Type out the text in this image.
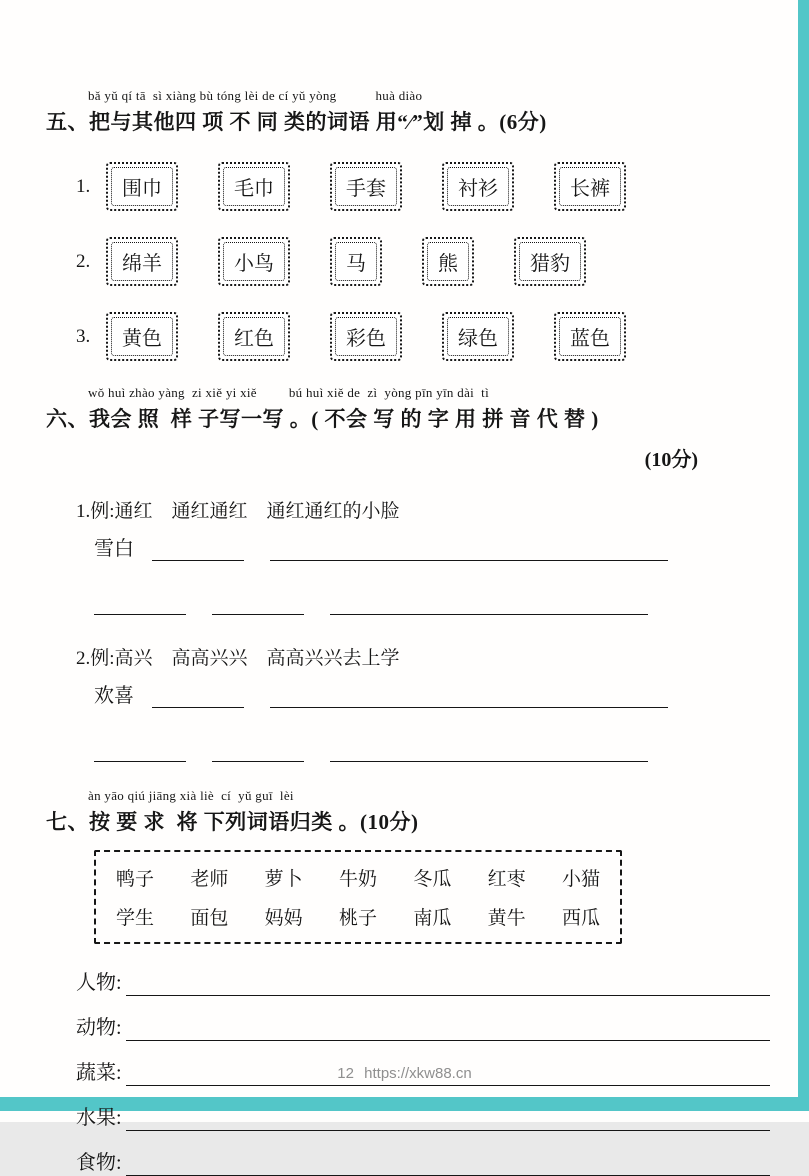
bǎ yǔ qí tā  sì xiàng bù tóng lèi de cí yǔ yòng           huà diào
五、把与其他四 项 不 同 类的词语 用“∕”划 掉 。(6分)
1.	围巾	毛巾	手套	衬衫	长裤
2.	绵羊	小鸟	马	熊	猎豹
3.	黄色	红色	彩色	绿色	蓝色
wǒ huì zhào yàng  zi xiě yi xiě         bú huì xiě de  zì  yòng pīn yīn dài  tì
六、我会 照  样 子写一写 。( 不会 写 的 字 用 拼 音 代 替 )
(10分)
1.例:通红　通红通红　通红通红的小脸
雪白
2.例:高兴　高高兴兴　高高兴兴去上学
欢喜
àn yāo qiú jiāng xià liè  cí  yǔ guī  lèi
七、按 要 求  将 下列词语归类 。(10分)
鸭子 老师 萝卜 牛奶 冬瓜 红枣 小猫
学生 面包 妈妈 桃子 南瓜 黄牛 西瓜
人物:
动物:
蔬菜:
水果:
食物:
12 https://xkw88.cn
